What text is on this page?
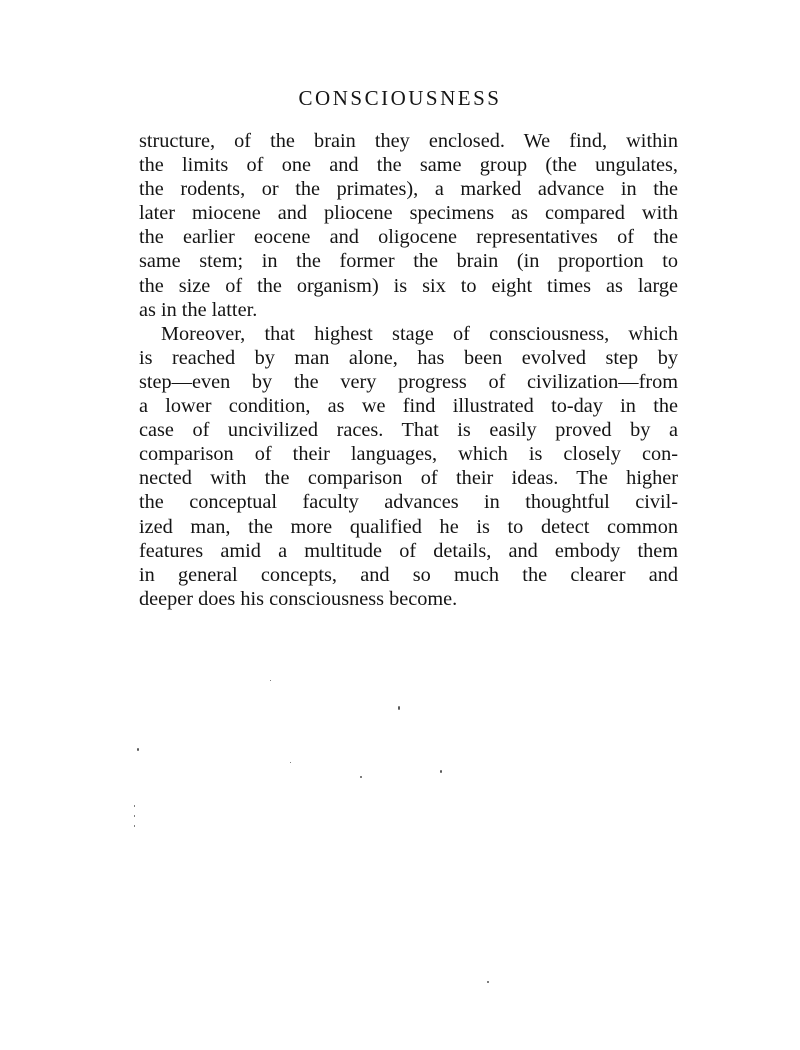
CONSCIOUSNESS
structure, of the brain they enclosed. We find, within
the limits of one and the same group (the ungulates,
the rodents, or the primates), a marked advance in the
later miocene and pliocene specimens as compared with
the earlier eocene and oligocene representatives of the
same stem; in the former the brain (in proportion to
the size of the organism) is six to eight times as large
as in the latter.
Moreover, that highest stage of consciousness, which
is reached by man alone, has been evolved step by
step—even by the very progress of civilization—from
a lower condition, as we find illustrated to-day in the
case of uncivilized races. That is easily proved by a
comparison of their languages, which is closely con-
nected with the comparison of their ideas. The higher
the conceptual faculty advances in thoughtful civil-
ized man, the more qualified he is to detect common
features amid a multitude of details, and embody them
in general concepts, and so much the clearer and
deeper does his consciousness become.
